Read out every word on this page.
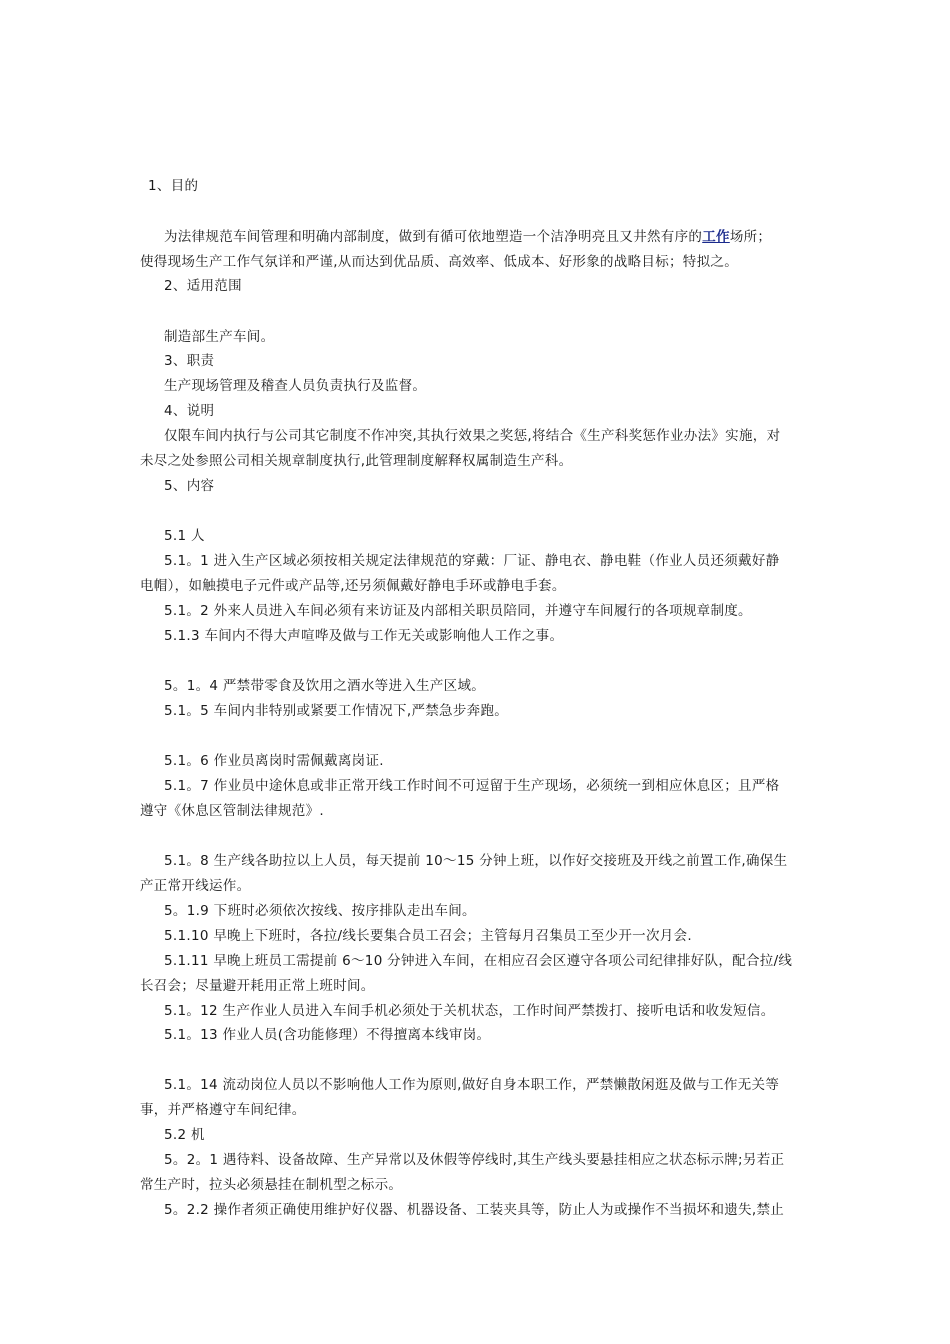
1、目的
为法律规范车间管理和明确内部制度，做到有循可依地塑造一个洁净明亮且又井然有序的工作场所；
使得现场生产工作气氛详和严谨,从而达到优品质、高效率、低成本、好形象的战略目标；特拟之。
2、适用范围
制造部生产车间。
3、职责
生产现场管理及稽查人员负责执行及监督。
4、说明
仅限车间内执行与公司其它制度不作冲突,其执行效果之奖惩,将结合《生产科奖惩作业办法》实施，对
未尽之处参照公司相关规章制度执行,此管理制度解释权属制造生产科。
5、内容
5.1 人
5.1。1 进入生产区域必须按相关规定法律规范的穿戴：厂证、静电衣、静电鞋（作业人员还须戴好静
电帽），如触摸电子元件或产品等,还另须佩戴好静电手环或静电手套。
5.1。2 外来人员进入车间必须有来访证及内部相关职员陪同，并遵守车间履行的各项规章制度。
5.1.3 车间内不得大声喧哗及做与工作无关或影响他人工作之事。
5。1。4 严禁带零食及饮用之酒水等进入生产区域。
5.1。5 车间内非特别或紧要工作情况下,严禁急步奔跑。
5.1。6 作业员离岗时需佩戴离岗证.
5.1。7 作业员中途休息或非正常开线工作时间不可逗留于生产现场，必须统一到相应休息区；且严格
遵守《休息区管制法律规范》.
5.1。8 生产线各助拉以上人员，每天提前 10～15 分钟上班，以作好交接班及开线之前置工作,确保生
产正常开线运作。
5。1.9 下班时必须依次按线、按序排队走出车间。
5.1.10 早晚上下班时，各拉/线长要集合员工召会；主管每月召集员工至少开一次月会.
5.1.11 早晚上班员工需提前 6～10 分钟进入车间，在相应召会区遵守各项公司纪律排好队，配合拉/线
长召会；尽量避开耗用正常上班时间。
5.1。12 生产作业人员进入车间手机必须处于关机状态，工作时间严禁拨打、接听电话和收发短信。
5.1。13 作业人员(含功能修理）不得擅离本线审岗。
5.1。14 流动岗位人员以不影响他人工作为原则,做好自身本职工作，严禁懒散闲逛及做与工作无关等
事，并严格遵守车间纪律。
5.2 机
5。2。1 遇待料、设备故障、生产异常以及休假等停线时,其生产线头要悬挂相应之状态标示牌;另若正
常生产时，拉头必须悬挂在制机型之标示。
5。2.2 操作者须正确使用维护好仪器、机器设备、工装夹具等，防止人为或操作不当损坏和遗失,禁止
